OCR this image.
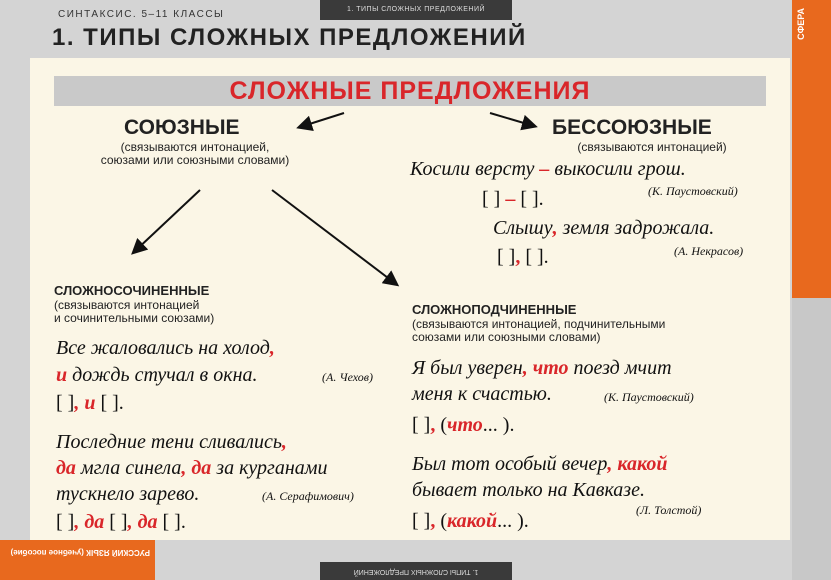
1. ТИПЫ СЛОЖНЫХ ПРЕДЛОЖЕНИЙ
СИНТАКСИС. 5–11 КЛАССЫ
1. ТИПЫ СЛОЖНЫХ ПРЕДЛОЖЕНИЙ	СФЕРА
СЛОЖНЫЕ ПРЕДЛОЖЕНИЯ
СОЮЗНЫЕ
(связываются интонацией,
союзами или союзными словами)
БЕССОЮЗНЫЕ
(связываются интонацией)
Косили версту – выкосили грош.
(К. Паустовский)
[ ] – [ ].
Слышу, земля задрожала.
(А. Некрасов)
[ ], [ ].
СЛОЖНОСОЧИНЕННЫЕ
(связываются интонацией
и сочинительными союзами)
Все жаловались на холод,
и дождь стучал в окна.	(А. Чехов)
[ ], и [ ].
Последние тени сливались,
да мгла синела, да за курганами
тускнело зарево.	(А. Серафимович)
[ ], да [ ], да [ ].
СЛОЖНОПОДЧИНЕННЫЕ
(связываются интонацией, подчинительными
союзами или союзными словами)
Я был уверен, что поезд мчит
меня к счастью.	(К. Паустовский)
[ ], (что... ).
Был тот особый вечер, какой
бывает только на Кавказе.
(Л. Толстой)
[ ], (какой... ).
РУССКИЙ ЯЗЫК (учебное пособие)
1. ТИПЫ СЛОЖНЫХ ПРЕДЛОЖЕНИЙ
